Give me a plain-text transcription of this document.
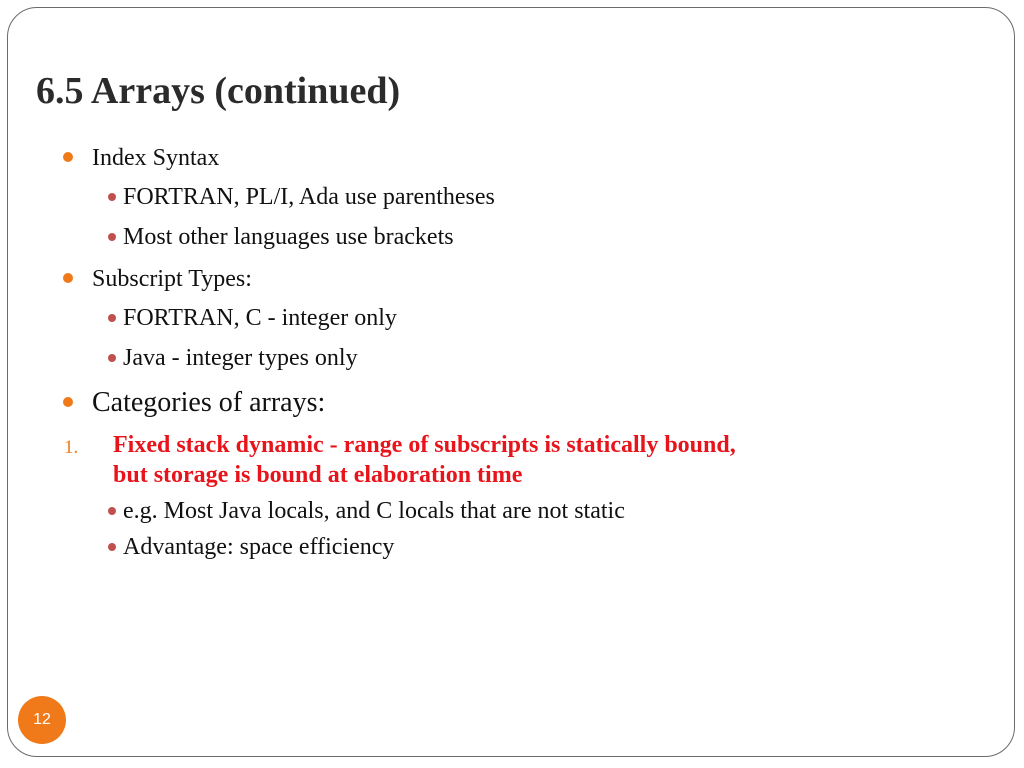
6.5 Arrays (continued)
Index Syntax
FORTRAN, PL/I, Ada use parentheses
Most other languages use brackets
Subscript Types:
FORTRAN, C - integer only
Java - integer types only
Categories of arrays:
1. Fixed stack dynamic - range of subscripts is statically bound,
but storage is bound at elaboration time
e.g. Most Java locals, and C locals that are not static
Advantage: space efficiency
12
